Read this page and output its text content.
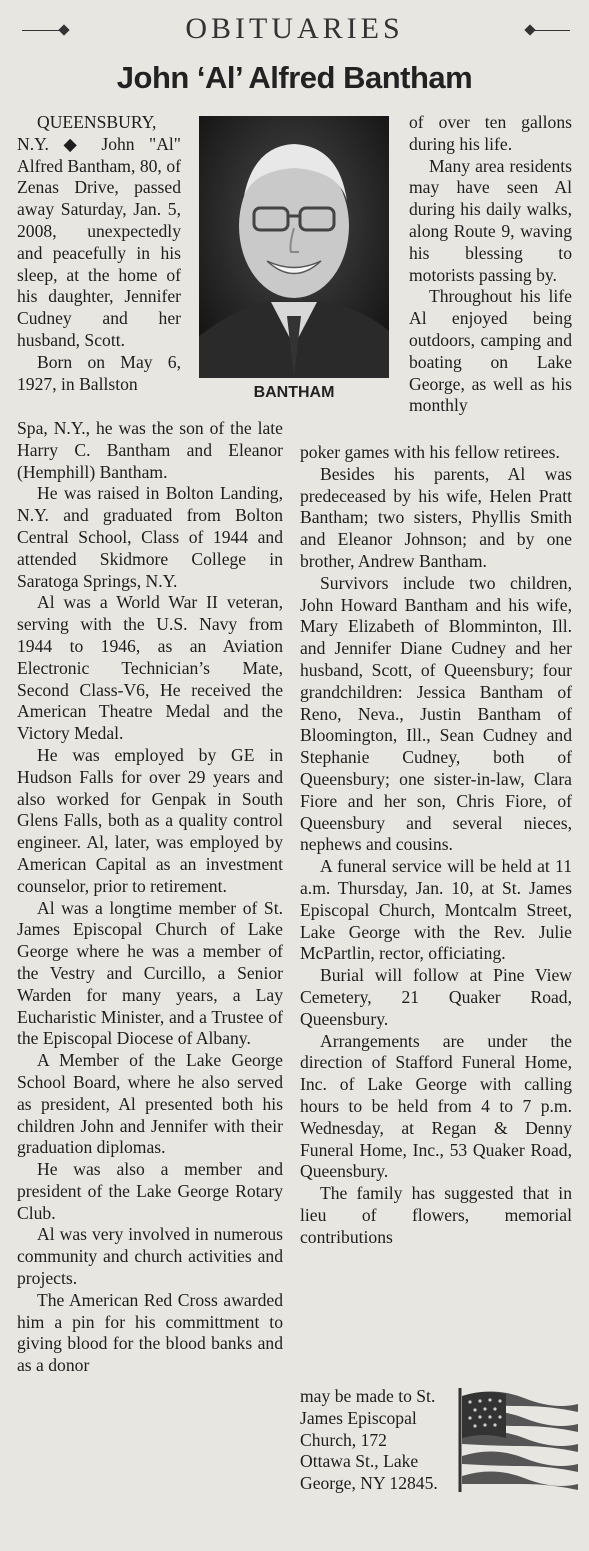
OBITUARIES
John ‘Al’ Alfred Bantham

QUEENSBURY, N.Y. ◆ John "Al" Alfred Bantham, 80, of Zenas Drive, passed away Saturday, Jan. 5, 2008, unexpectedly and peacefully in his sleep, at the home of his daughter, Jennifer Cudney and her husband, Scott.

Born on May 6, 1927, in Ballston	BANTHAM

of over ten gallons during his life.

Many area residents may have seen Al during his daily walks, along Route 9, waving his blessing to motorists passing by.

Throughout his life Al enjoyed being outdoors, camping and boating on Lake George, as well as his monthly

Spa, N.Y., he was the son of the late Harry C. Bantham and Eleanor (Hemphill) Bantham.

He was raised in Bolton Landing, N.Y. and graduated from Bolton Central School, Class of 1944 and attended Skidmore College in Saratoga Springs, N.Y.

Al was a World War II veteran, serving with the U.S. Navy from 1944 to 1946, as an Aviation Electronic Technician’s Mate, Second Class-V6, He received the American Theatre Medal and the Victory Medal.

He was employed by GE in Hudson Falls for over 29 years and also worked for Genpak in South Glens Falls, both as a quality control engineer. Al, later, was employed by American Capital as an investment counselor, prior to retirement.

Al was a longtime member of St. James Episcopal Church of Lake George where he was a member of the Vestry and Curcillo, a Senior Warden for many years, a Lay Eucharistic Minister, and a Trustee of the Episcopal Diocese of Albany.

A Member of the Lake George School Board, where he also served as president, Al presented both his children John and Jennifer with their graduation diplomas.

He was also a member and president of the Lake George Rotary Club.

Al was very involved in numerous community and church activities and projects.

The American Red Cross awarded him a pin for his committment to giving blood for the blood banks and as a donor

poker games with his fellow retirees.

Besides his parents, Al was predeceased by his wife, Helen Pratt Bantham; two sisters, Phyllis Smith and Eleanor Johnson; and by one brother, Andrew Bantham.

Survivors include two children, John Howard Bantham and his wife, Mary Elizabeth of Blomminton, Ill. and Jennifer Diane Cudney and her husband, Scott, of Queensbury; four grandchildren: Jessica Bantham of Reno, Neva., Justin Bantham of Bloomington, Ill., Sean Cudney and Stephanie Cudney, both of Queensbury; one sister-in-law, Clara Fiore and her son, Chris Fiore, of Queensbury and several nieces, nephews and cousins.

A funeral service will be held at 11 a.m. Thursday, Jan. 10, at St. James Episcopal Church, Montcalm Street, Lake George with the Rev. Julie McPartlin, rector, officiating.

Burial will follow at Pine View Cemetery, 21 Quaker Road, Queensbury.

Arrangements are under the direction of Stafford Funeral Home, Inc. of Lake George with calling hours to be held from 4 to 7 p.m. Wednesday, at Regan & Denny Funeral Home, Inc., 53 Quaker Road, Queensbury.

The family has suggested that in lieu of flowers, memorial contributions

may be made to St. James Episcopal Church, 172 Ottawa St., Lake George, NY 12845.
